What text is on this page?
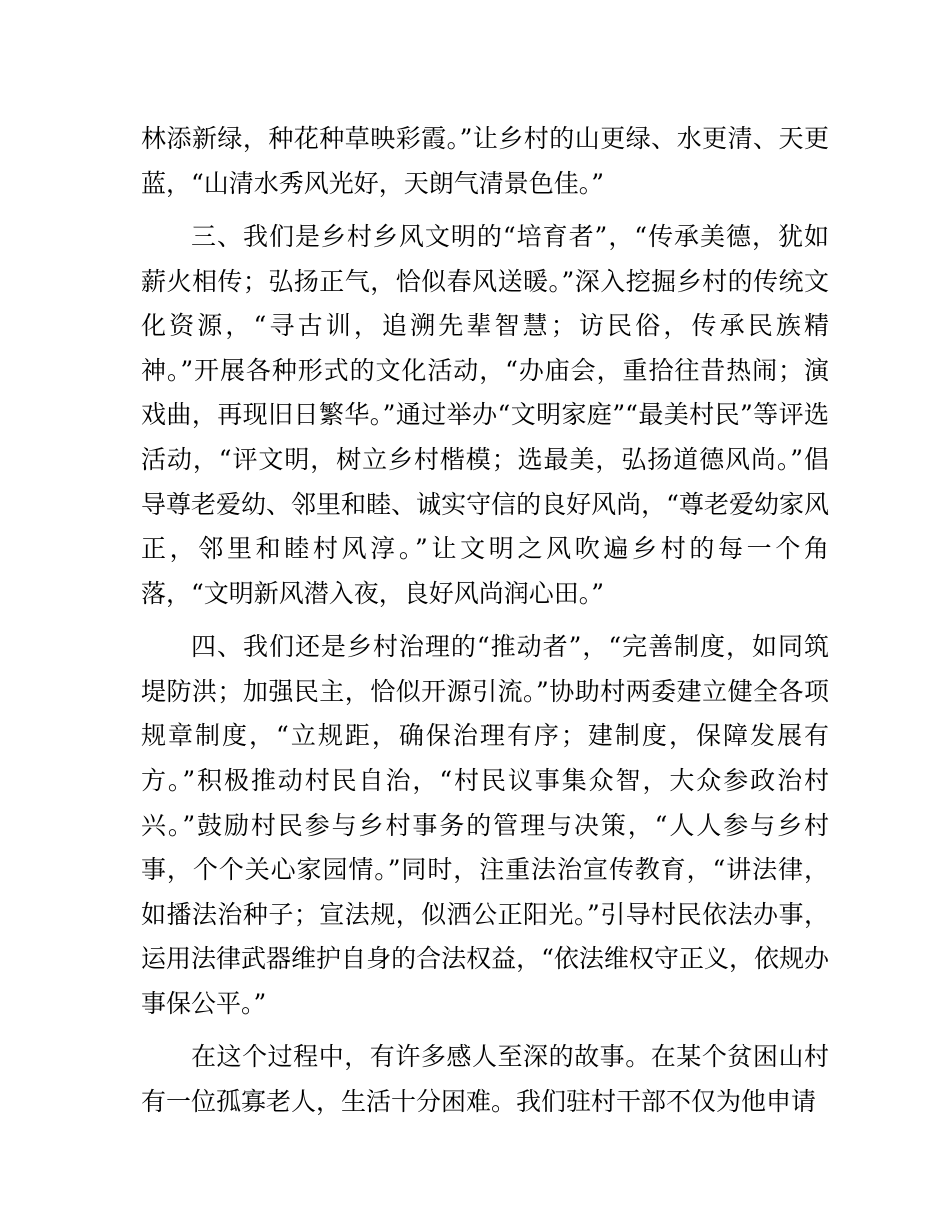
林添新绿，种花种草映彩霞。”让乡村的山更绿、水更清、天更蓝，“山清水秀风光好，天朗气清景色佳。”

三、我们是乡村乡风文明的“培育者”，“传承美德，犹如薪火相传；弘扬正气，恰似春风送暖。”深入挖掘乡村的传统文化资源，“寻古训，追溯先辈智慧；访民俗，传承民族精神。”开展各种形式的文化活动，“办庙会，重拾往昔热闹；演戏曲，再现旧日繁华。”通过举办“文明家庭”“最美村民”等评选活动，“评文明，树立乡村楷模；选最美，弘扬道德风尚。”倡导尊老爱幼、邻里和睦、诚实守信的良好风尚，“尊老爱幼家风正，邻里和睦村风淳。”让文明之风吹遍乡村的每一个角落，“文明新风潜入夜，良好风尚润心田。”

四、我们还是乡村治理的“推动者”，“完善制度，如同筑堤防洪；加强民主，恰似开源引流。”协助村两委建立健全各项规章制度，“立规距，确保治理有序；建制度，保障发展有方。”积极推动村民自治，“村民议事集众智，大众参政治村兴。”鼓励村民参与乡村事务的管理与决策，“人人参与乡村事，个个关心家园情。”同时，注重法治宣传教育，“讲法律，如播法治种子；宣法规，似洒公正阳光。”引导村民依法办事，运用法律武器维护自身的合法权益，“依法维权守正义，依规办事保公平。”

在这个过程中，有许多感人至深的故事。在某个贫困山村有一位孤寡老人，生活十分困难。我们驻村干部不仅为他申请
